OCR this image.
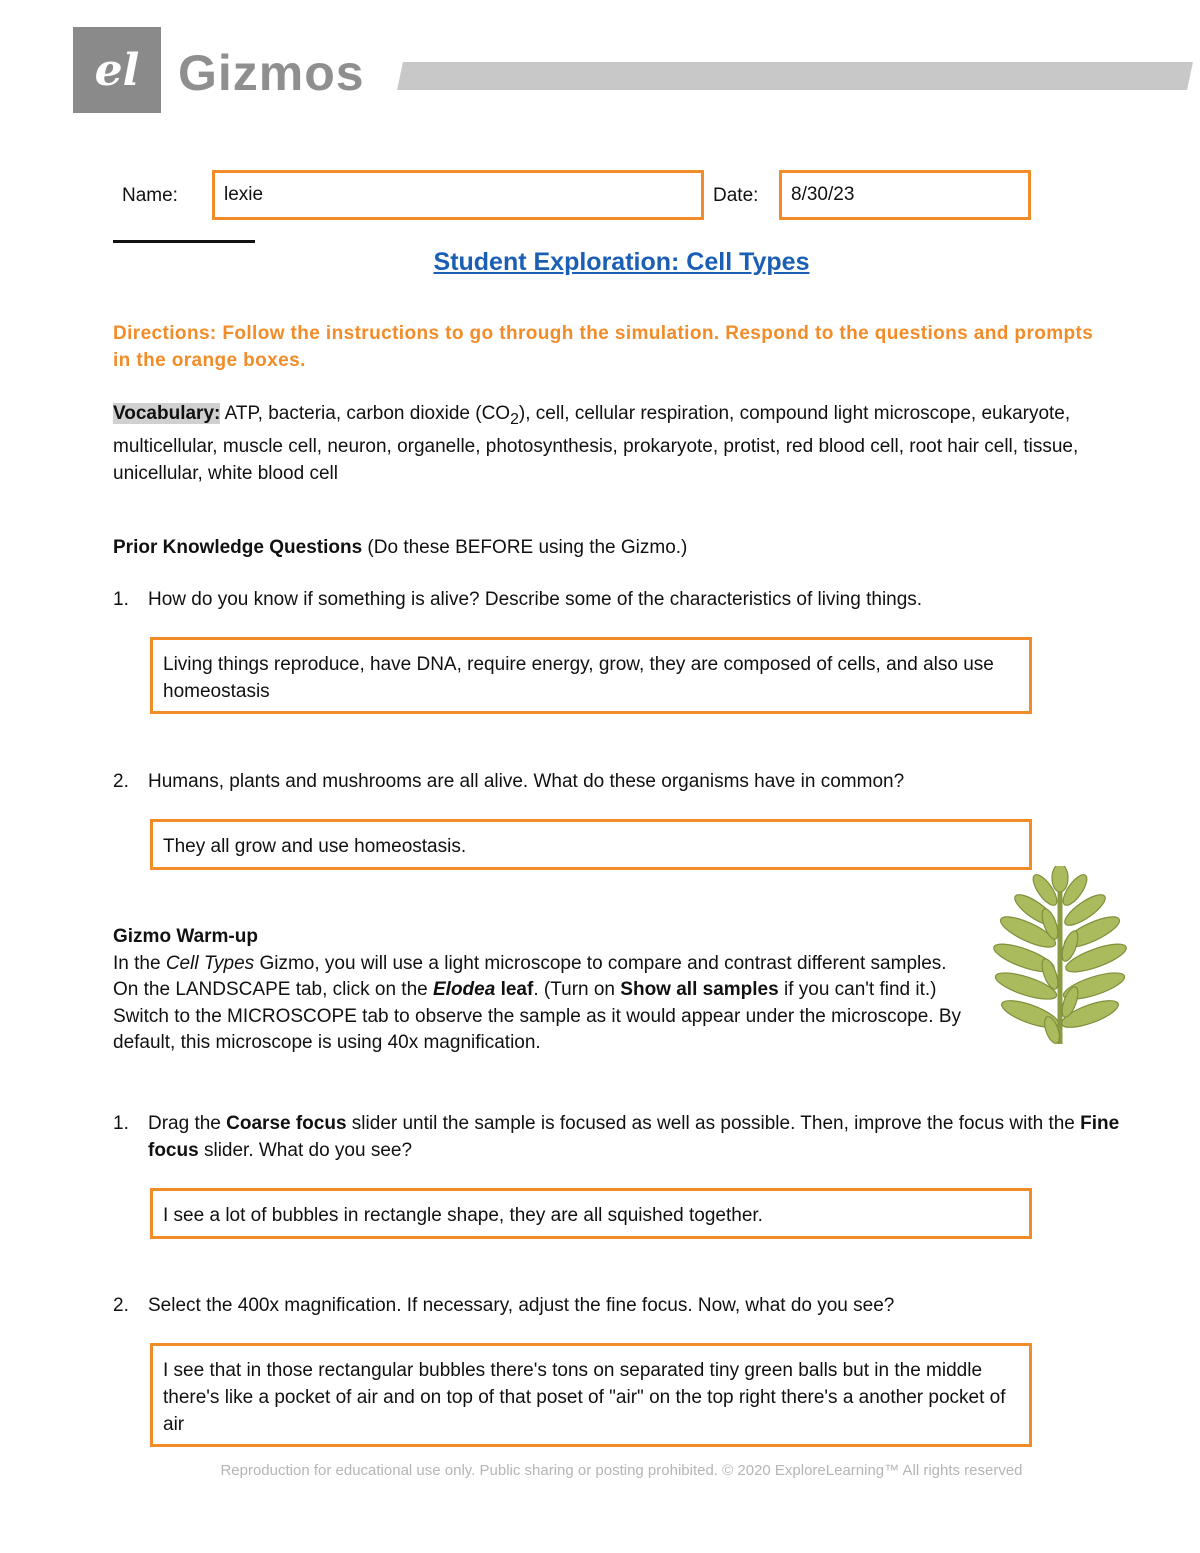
el Gizmos
Name:	lexie	Date:	8/30/23
Student Exploration: Cell Types
Directions: Follow the instructions to go through the simulation. Respond to the questions and prompts in the orange boxes.
Vocabulary: ATP, bacteria, carbon dioxide $(CO_2)$, cell, cellular respiration, compound light microscope, eukaryote, multicellular, muscle cell, neuron, organelle, photosynthesis, prokaryote, protist, red blood cell, root hair cell, tissue, unicellular, white blood cell
Prior Knowledge Questions (Do these BEFORE using the Gizmo.)
1. How do you know if something is alive? Describe some of the characteristics of living things.
Living things reproduce, have DNA, require energy, grow, they are composed of cells, and also use homeostasis
2. Humans, plants and mushrooms are all alive. What do these organisms have in common?
They all grow and use homeostasis.
Gizmo Warm-up
In the Cell Types Gizmo, you will use a light microscope to compare and contrast different samples. On the LANDSCAPE tab, click on the Elodea leaf. (Turn on Show all samples if you can't find it.) Switch to the MICROSCOPE tab to observe the sample as it would appear under the microscope. By default, this microscope is using 40x magnification.
1. Drag the Coarse focus slider until the sample is focused as well as possible. Then, improve the focus with the Fine focus slider. What do you see?
I see a lot of bubbles in rectangle shape, they are all squished together.
2. Select the 400x magnification. If necessary, adjust the fine focus. Now, what do you see?
I see that in those rectangular bubbles there's tons on separated tiny green balls but in the middle there's like a pocket of air and on top of that poset of "air" on the top right there's a another pocket of air
Reproduction for educational use only. Public sharing or posting prohibited. © 2020 ExploreLearning™ All rights reserved
